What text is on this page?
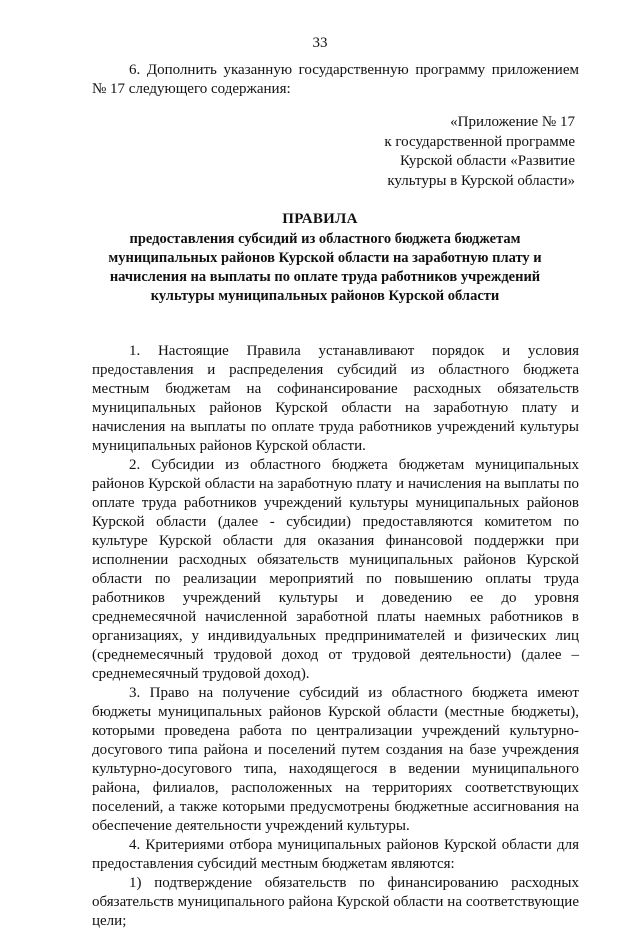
33
6. Дополнить указанную государственную программу приложением № 17 следующего содержания:
«Приложение № 17
к государственной программе
Курской области «Развитие
культуры в Курской области»
ПРАВИЛА
предоставления субсидий из областного бюджета бюджетам
муниципальных районов Курской области на заработную плату и
начисления на выплаты по оплате труда работников учреждений
культуры муниципальных районов Курской области
1. Настоящие Правила устанавливают порядок и условия предоставления и распределения субсидий из областного бюджета местным бюджетам на софинансирование расходных обязательств муниципальных районов Курской области на заработную плату и начисления на выплаты по оплате труда работников учреждений культуры муниципальных районов Курской области.
2. Субсидии из областного бюджета бюджетам муниципальных районов Курской области на заработную плату и начисления на выплаты по оплате труда работников учреждений культуры муниципальных районов Курской области (далее - субсидии) предоставляются комитетом по культуре Курской области для оказания финансовой поддержки при исполнении расходных обязательств муниципальных районов Курской области по реализации мероприятий по повышению оплаты труда работников учреждений культуры и доведению ее до уровня среднемесячной начисленной заработной платы наемных работников в организациях, у индивидуальных предпринимателей и физических лиц (среднемесячный трудовой доход от трудовой деятельности) (далее – среднемесячный трудовой доход).
3. Право на получение субсидий из областного бюджета имеют бюджеты муниципальных районов Курской области (местные бюджеты), которыми проведена работа по централизации учреждений культурно-досугового типа района и поселений путем создания на базе учреждения культурно-досугового типа, находящегося в ведении муниципального района, филиалов, расположенных на территориях соответствующих поселений, а также которыми предусмотрены бюджетные ассигнования на обеспечение деятельности учреждений культуры.
4. Критериями отбора муниципальных районов Курской области для предоставления субсидий местным бюджетам являются:
1) подтверждение обязательств по финансированию расходных обязательств муниципального района Курской области на соответствующие цели;
